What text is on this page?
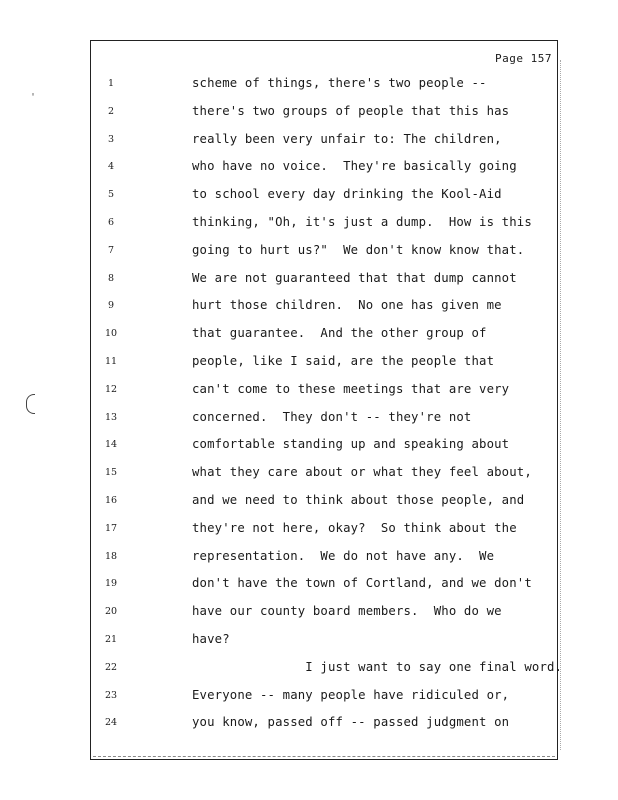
'
Page 157
1	scheme of things, there's two people --
2	there's two groups of people that this has
3	really been very unfair to: The children,
4	who have no voice.  They're basically going
5	to school every day drinking the Kool-Aid
6	thinking, "Oh, it's just a dump.  How is this
7	going to hurt us?"  We don't know know that.
8	We are not guaranteed that that dump cannot
9	hurt those children.  No one has given me
10	that guarantee.  And the other group of
11	people, like I said, are the people that
12	can't come to these meetings that are very
13	concerned.  They don't -- they're not
14	comfortable standing up and speaking about
15	what they care about or what they feel about,
16	and we need to think about those people, and
17	they're not here, okay?  So think about the
18	representation.  We do not have any.  We
19	don't have the town of Cortland, and we don't
20	have our county board members.  Who do we
21	have?
22	I just want to say one final word.
23	Everyone -- many people have ridiculed or,
24	you know, passed off -- passed judgment on
